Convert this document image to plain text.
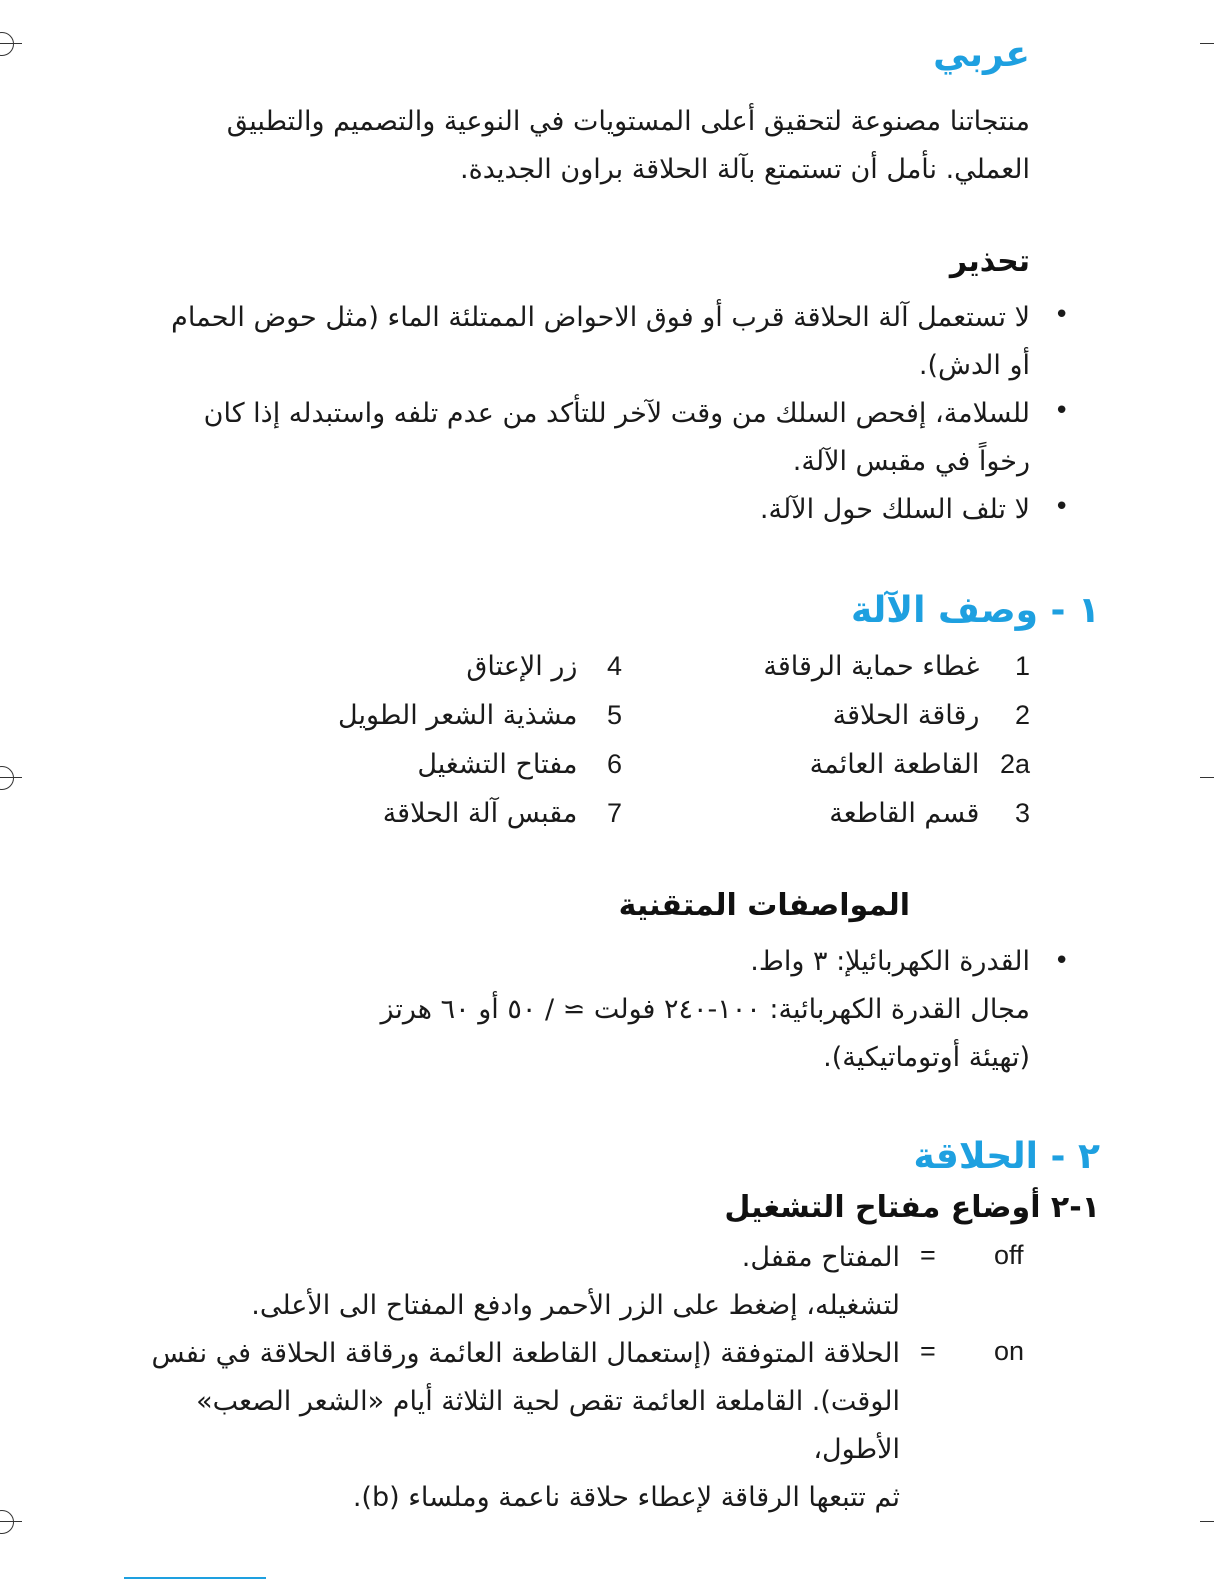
عربي
منتجاتنا مصنوعة لتحقيق أعلى المستويات في النوعية والتصميم والتطبيق
العملي. نأمل أن تستمتع بآلة الحلاقة براون الجديدة.
تحذير
•
لا تستعمل آلة الحلاقة قرب أو فوق الاحواض الممتلئة الماء (مثل حوض الحمام
أو الدش).
•
للسلامة، إفحص السلك من وقت لآخر للتأكد من عدم تلفه واستبدله إذا كان
رخواً في مقبس الآلة.
•
لا تلف السلك حول الآلة.
١ - وصف الآلة
1 غطاء حماية الرقاقة
2 رقاقة الحلاقة
2a القاطعة العائمة
3 قسم القاطعة
4 زر الإعتاق
5 مشذية الشعر الطويل
6 مفتاح التشغيل
7 مقبس آلة الحلاقة
المواصفات المتقنية
•
القدرة الكهربائيلإ: ٣ واط.
مجال القدرة الكهربائية: ١٠٠-٢٤٠ فولت ≃ / ٥٠ أو ٦٠ هرتز
(تهيئة أوتوماتيكية).
٢ - الحلاقة
١-٢ أوضاع مفتاح التشغيل
off
=
المفتاح مقفل.
لتشغيله، إضغط على الزر الأحمر وادفع المفتاح الى الأعلى.
on
=
الحلاقة المتوفقة (إستعمال القاطعة العائمة ورقاقة الحلاقة في نفس
الوقت). القاملعة العائمة تقص لحية الثلاثة أيام «الشعر الصعب»
الأطول،
ثم تتبعها الرقاقة لإعطاء حلاقة ناعمة وملساء (b).
